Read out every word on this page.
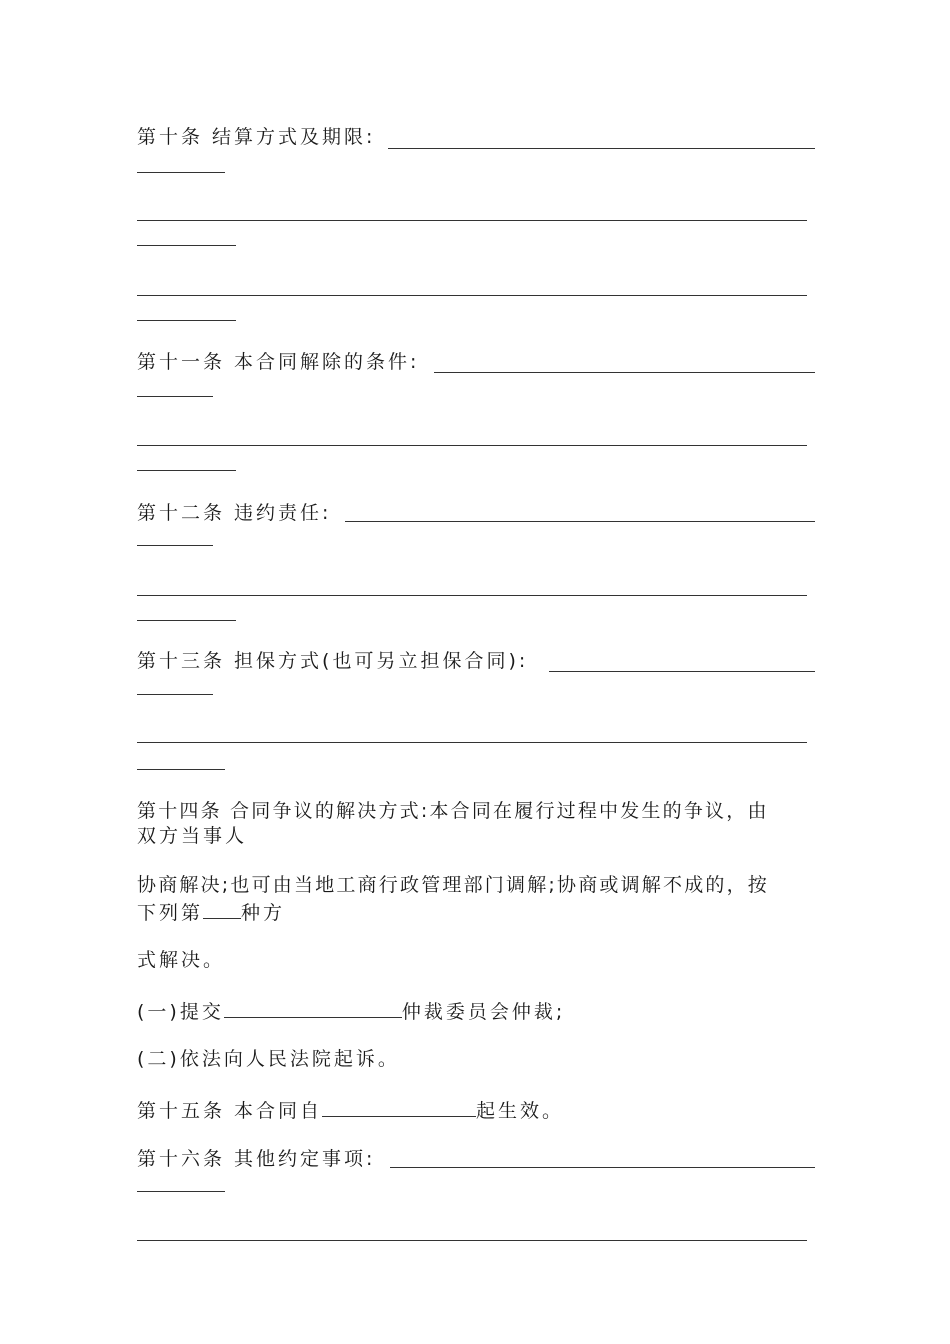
第十条 结算方式及期限:
第十一条 本合同解除的条件:
第十二条 违约责任:
第十三条 担保方式(也可另立担保合同):
第十四条 合同争议的解决方式:本合同在履行过程中发生的争议，由
双方当事人
协商解决;也可由当地工商行政管理部门调解;协商或调解不成的，按
下列第 种方
式解决。
(一)提交	仲裁委员会仲裁;
(二)依法向人民法院起诉。
第十五条 本合同自	起生效。
第十六条 其他约定事项:
